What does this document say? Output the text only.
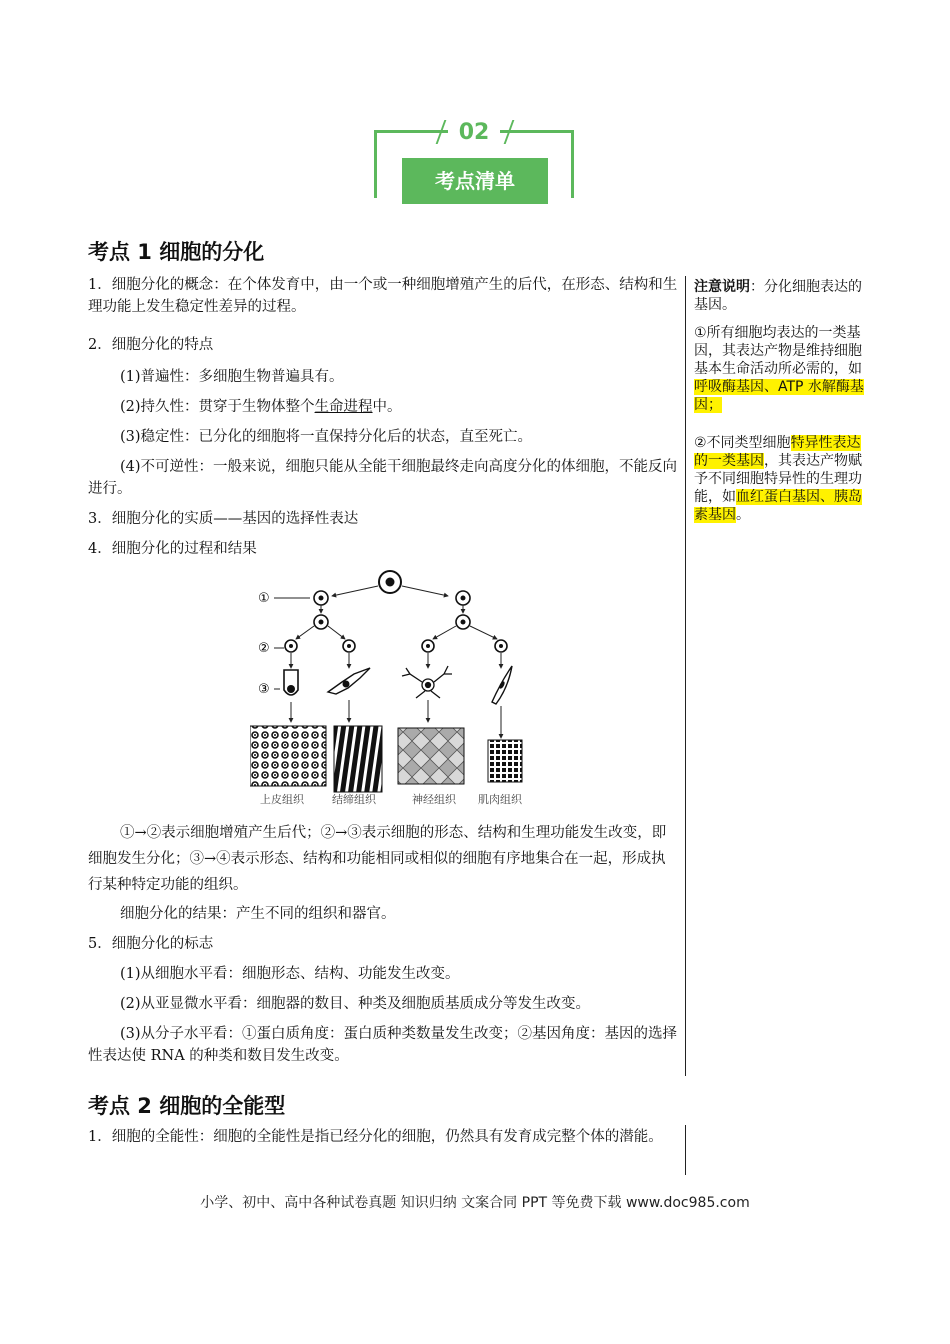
02
考点清单
考点 1 细胞的分化
1．细胞分化的概念：在个体发育中，由一个或一种细胞增殖产生的后代，在形态、结构和生理功能上发生稳定性差异的过程。
2．细胞分化的特点
(1)普遍性：多细胞生物普遍具有。
(2)持久性：贯穿于生物体整个生命进程中。
(3)稳定性：已分化的细胞将一直保持分化后的状态，直至死亡。
(4)不可逆性：一般来说，细胞只能从全能干细胞最终走向高度分化的体细胞，不能反向进行。
3．细胞分化的实质——基因的选择性表达
4．细胞分化的过程和结果
①
②
③
上皮组织	结缔组织	神经组织 肌肉组织
①→②表示细胞增殖产生后代；②→③表示细胞的形态、结构和生理功能发生改变，即细胞发生分化；③→④表示形态、结构和功能相同或相似的细胞有序地集合在一起，形成执行某种特定功能的组织。
细胞分化的结果：产生不同的组织和器官。
5．细胞分化的标志
(1)从细胞水平看：细胞形态、结构、功能发生改变。
(2)从亚显微水平看：细胞器的数目、种类及细胞质基质成分等发生改变。
(3)从分子水平看：①蛋白质角度：蛋白质种类数量发生改变；②基因角度：基因的选择性表达使 RNA 的种类和数目发生改变。
考点 2 细胞的全能型
1．细胞的全能性：细胞的全能性是指已经分化的细胞，仍然具有发育成完整个体的潜能。
注意说明：分化细胞表达的基因。
①所有细胞均表达的一类基因，其表达产物是维持细胞基本生命活动所必需的，如呼吸酶基因、ATP 水解酶基因；
②不同类型细胞特异性表达的一类基因，其表达产物赋予不同细胞特异性的生理功能，如血红蛋白基因、胰岛素基因。
小学、初中、高中各种试卷真题 知识归纳 文案合同 PPT 等免费下载 www.doc985.com
